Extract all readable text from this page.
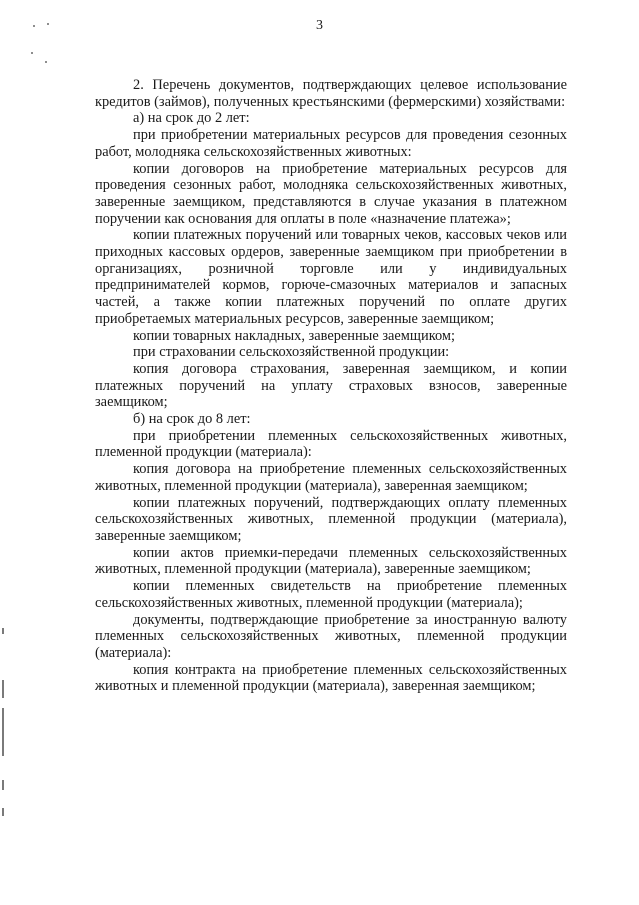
3

2. Перечень документов, подтверждающих целевое использование кредитов (займов), полученных крестьянскими (фермерскими) хозяйствами:

а) на срок до 2 лет:

при приобретении материальных ресурсов для проведения сезонных работ, молодняка сельскохозяйственных животных:

копии договоров на приобретение материальных ресурсов для проведения сезонных работ, молодняка сельскохозяйственных животных, заверенные заемщиком, представляются в случае указания в платежном поручении как основания для оплаты в поле «назначение платежа»;

копии платежных поручений или товарных чеков, кассовых чеков или приходных кассовых ордеров, заверенные заемщиком при приобретении в организациях, розничной торговле или у индивидуальных предпринимателей кормов, горюче-смазочных материалов и запасных частей, а также копии платежных поручений по оплате других приобретаемых материальных ресурсов, заверенные заемщиком;

копии товарных накладных, заверенные заемщиком;

при страховании сельскохозяйственной продукции:

копия договора страхования, заверенная заемщиком, и копии платежных поручений на уплату страховых взносов, заверенные заемщиком;

б) на срок до 8 лет:

при приобретении племенных сельскохозяйственных животных, племенной продукции (материала):

копия договора на приобретение племенных сельскохозяйственных животных, племенной продукции (материала), заверенная заемщиком;

копии платежных поручений, подтверждающих оплату племенных сельскохозяйственных животных, племенной продукции (материала), заверенные заемщиком;

копии актов приемки-передачи племенных сельскохозяйственных животных, племенной продукции (материала), заверенные заемщиком;

копии племенных свидетельств на приобретение племенных сельскохозяйственных животных, племенной продукции (материала);

документы, подтверждающие приобретение за иностранную валюту племенных сельскохозяйственных животных, племенной продукции (материала):

копия контракта на приобретение племенных сельскохозяйственных животных и племенной продукции (материала), заверенная заемщиком;
